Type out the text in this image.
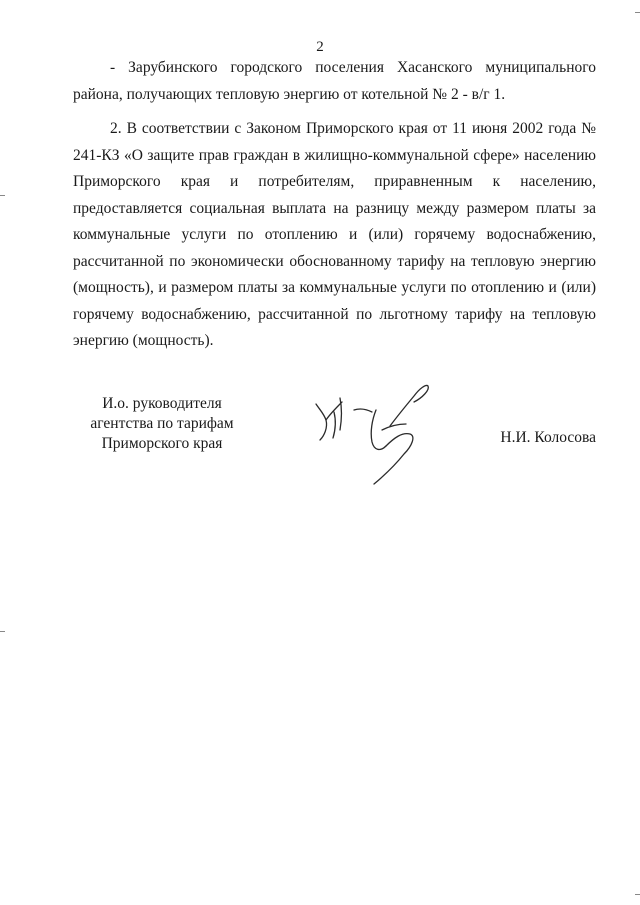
2

- Зарубинского городского поселения Хасанского муниципального района, получающих тепловую энергию от котельной № 2 - в/г 1.

2. В соответствии с Законом Приморского края от 11 июня 2002 года № 241-КЗ «О защите прав граждан в жилищно-коммунальной сфере» населению Приморского края и потребителям, приравненным к населению, предоставляется социальная выплата на разницу между размером платы за коммунальные услуги по отоплению и (или) горячему водоснабжению, рассчитанной по экономически обоснованному тарифу на тепловую энергию (мощность), и размером платы за коммунальные услуги по отоплению и (или) горячему водоснабжению, рассчитанной по льготному тарифу на тепловую энергию (мощность).

И.о. руководителя
агентства по тарифам
Приморского края	Н.И. Колосова
